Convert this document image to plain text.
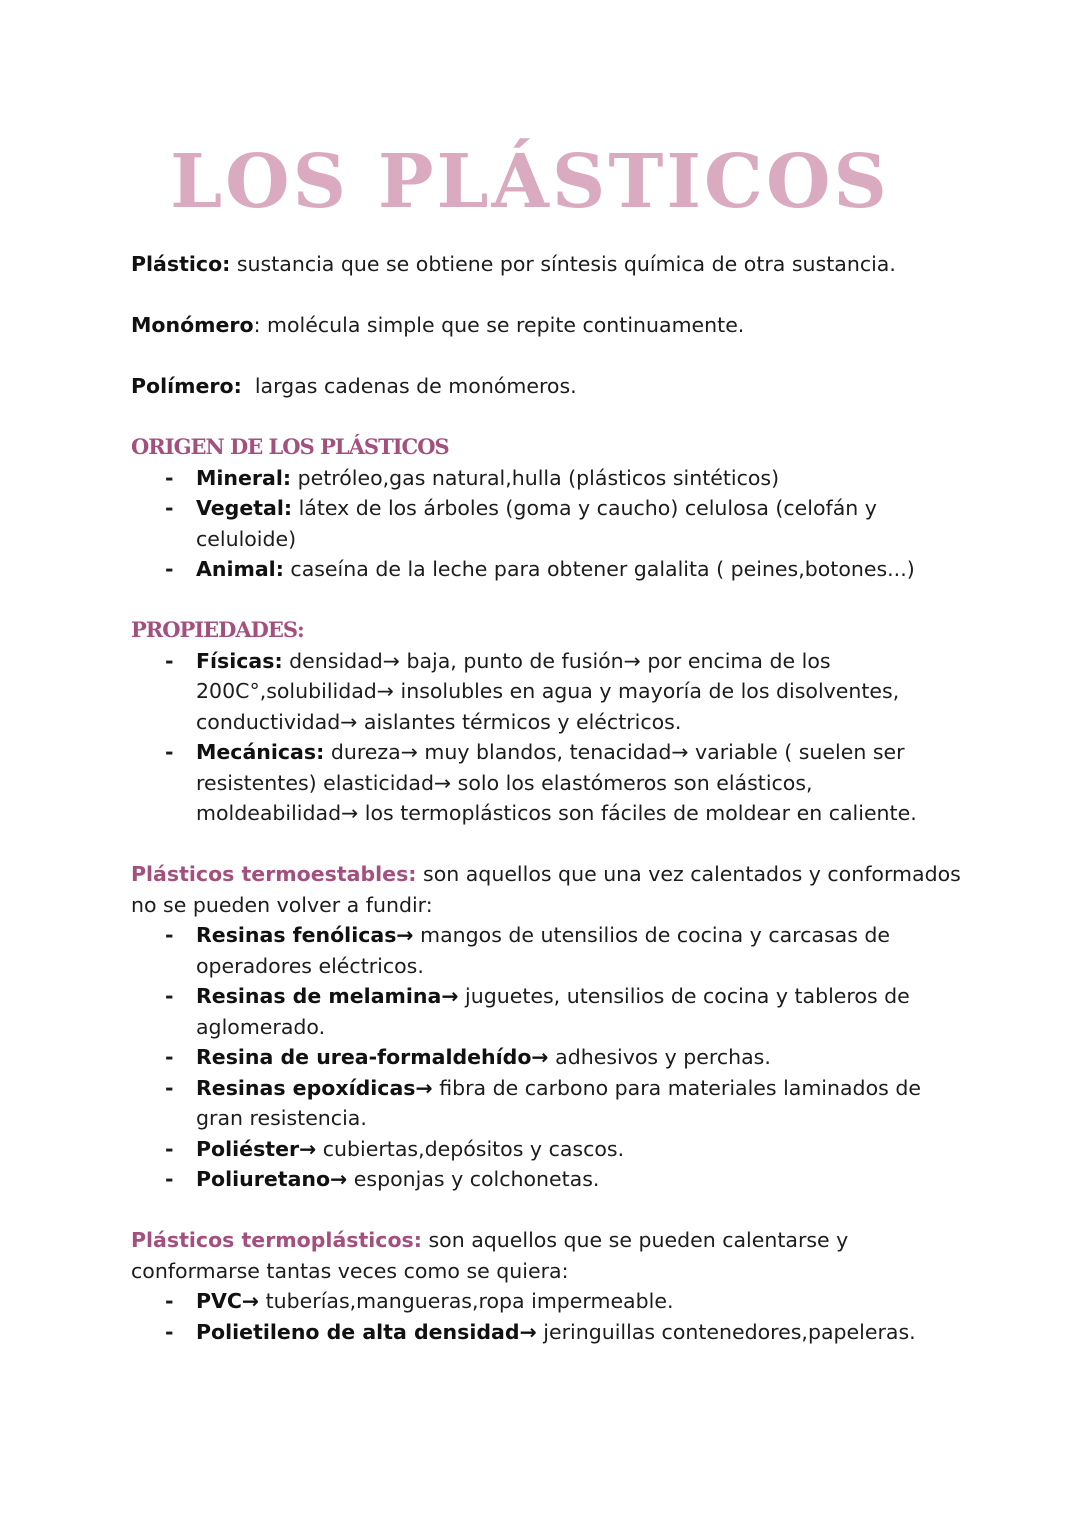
LOS PLÁSTICOS

Plástico: sustancia que se obtiene por síntesis química de otra sustancia.

Monómero: molécula simple que se repite continuamente.

Polímero:  largas cadenas de monómeros.

ORIGEN DE LOS PLÁSTICOS
- Mineral: petróleo,gas natural,hulla (plásticos sintéticos)
- Vegetal: látex de los árboles (goma y caucho) celulosa (celofán y celuloide)
- Animal: caseína de la leche para obtener galalita ( peines,botones...)
PROPIEDADES:
- Físicas: densidad→ baja, punto de fusión→ por encima de los 200C°,solubilidad→ insolubles en agua y mayoría de los disolventes, conductividad→ aislantes térmicos y eléctricos.
- Mecánicas: dureza→ muy blandos, tenacidad→ variable ( suelen ser resistentes) elasticidad→ solo los elastómeros son elásticos, moldeabilidad→ los termoplásticos son fáciles de moldear en caliente.

Plásticos termoestables: son aquellos que una vez calentados y conformados no se pueden volver a fundir:

- Resinas fenólicas→ mangos de utensilios de cocina y carcasas de operadores eléctricos.
- Resinas de melamina→ juguetes, utensilios de cocina y tableros de aglomerado.
- Resina de urea-formaldehído→ adhesivos y perchas.
- Resinas epoxídicas→ fibra de carbono para materiales laminados de gran resistencia.
- Poliéster→ cubiertas,depósitos y cascos.
- Poliuretano→ esponjas y colchonetas.

Plásticos termoplásticos: son aquellos que se pueden calentarse y conformarse tantas veces como se quiera:

- PVC→ tuberías,mangueras,ropa impermeable.
- Polietileno de alta densidad→ jeringuillas contenedores,papeleras.
